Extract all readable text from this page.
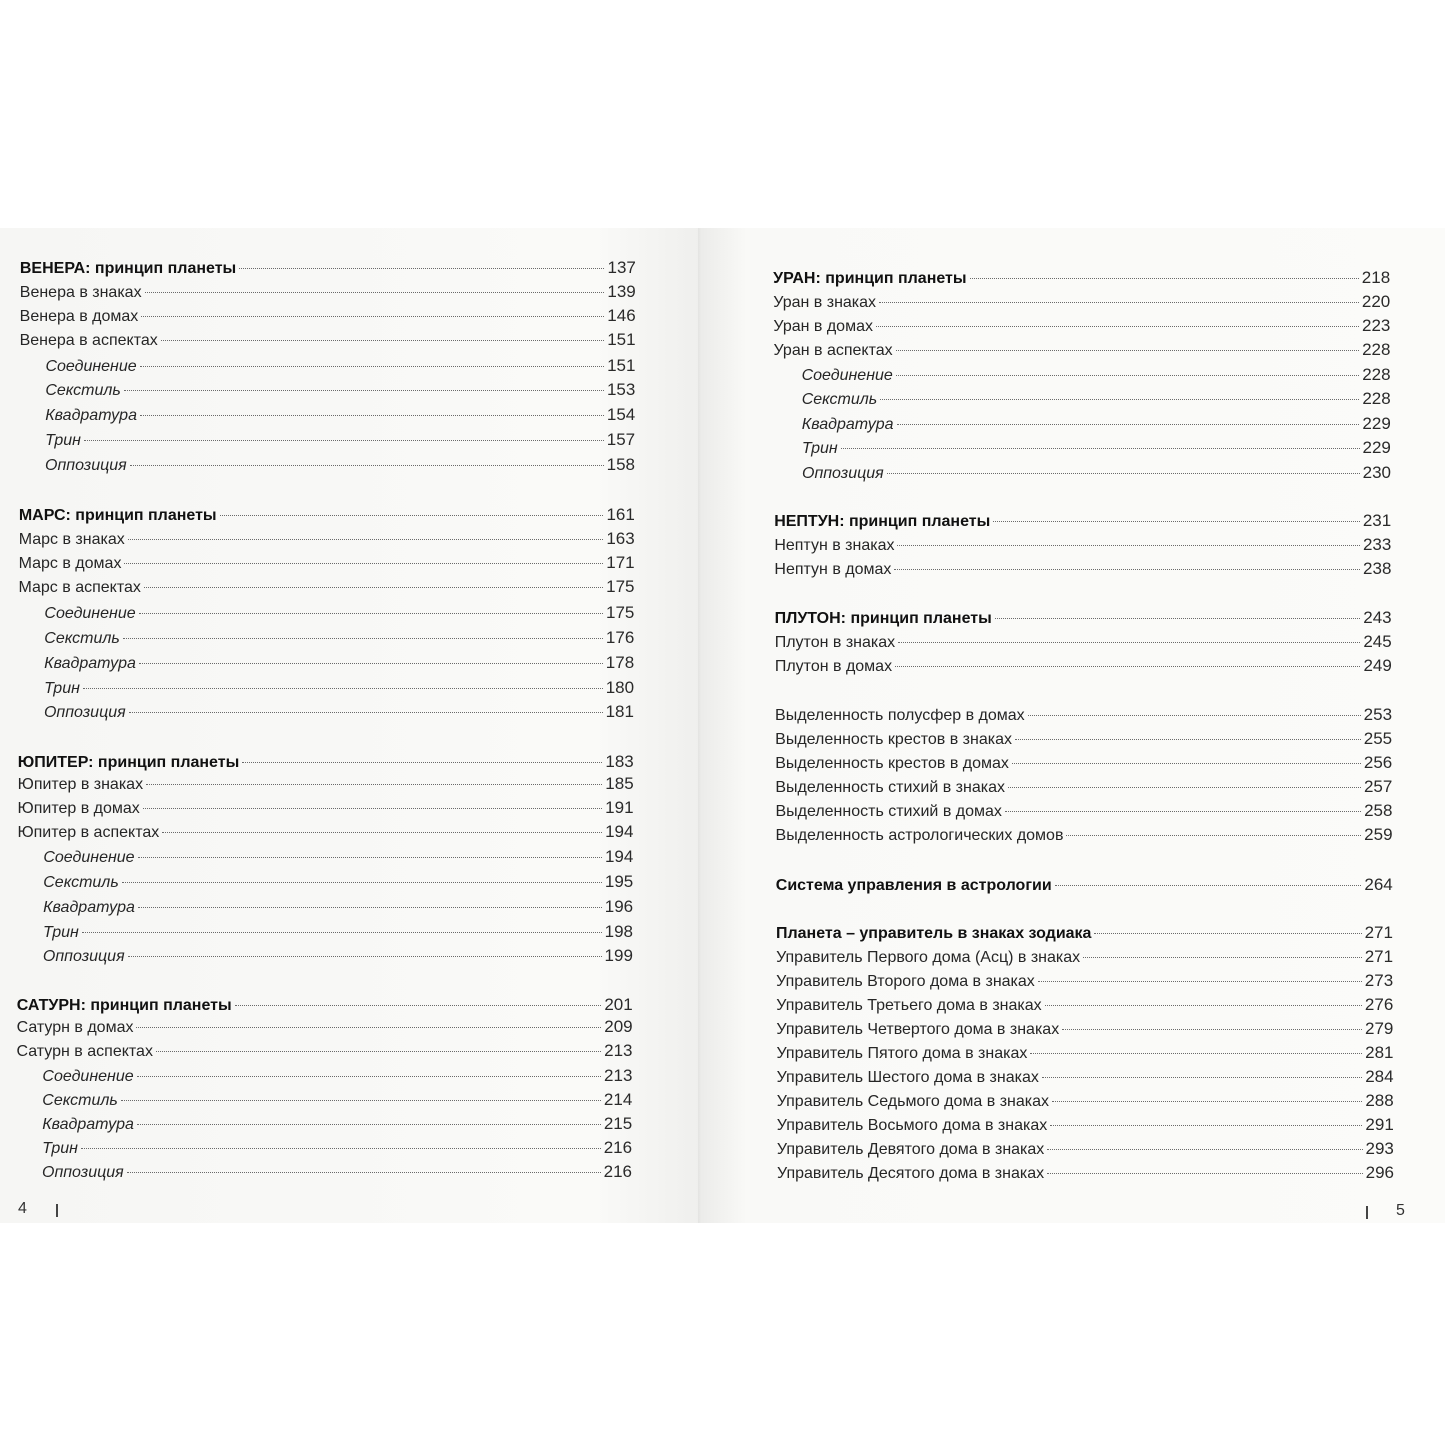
ВЕНЕРА: принцип планеты	137
Венера в знаках	139
Венера в домах	146
Венера в аспектах	151
Соединение	151
Секстиль	153
Квадратура	154
Трин	157
Оппозиция	158
МАРС: принцип планеты	161
Марс в знаках	163
Марс в домах	171
Марс в аспектах	175
Соединение	175
Секстиль	176
Квадратура	178
Трин	180
Оппозиция	181
ЮПИТЕР: принцип планеты	183
Юпитер в знаках	185
Юпитер в домах	191
Юпитер в аспектах	194
Соединение	194
Секстиль	195
Квадратура	196
Трин	198
Оппозиция	199
САТУРН: принцип планеты	201
Сатурн в домах	209
Сатурн в аспектах	213
Соединение	213
Секстиль	214
Квадратура	215
Трин	216
Оппозиция	216
4
УРАН: принцип планеты	218
Уран в знаках	220
Уран в домах	223
Уран в аспектах	228
Соединение	228
Секстиль	228
Квадратура	229
Трин	229
Оппозиция	230
НЕПТУН: принцип планеты	231
Нептун в знаках	233
Нептун в домах	238
ПЛУТОН: принцип планеты	243
Плутон в знаках	245
Плутон в домах	249
Выделенность полусфер в домах	253
Выделенность крестов в знаках	255
Выделенность крестов в домах	256
Выделенность стихий в знаках	257
Выделенность стихий в домах	258
Выделенность астрологических домов	259
Система управления в астрологии	264
Планета – управитель в знаках зодиака	271
Управитель Первого дома (Асц) в знаках	271
Управитель Второго дома в знаках	273
Управитель Третьего дома в знаках	276
Управитель Четвертого дома в знаках	279
Управитель Пятого дома в знаках	281
Управитель Шестого дома в знаках	284
Управитель Седьмого дома в знаках	288
Управитель Восьмого дома в знаках	291
Управитель Девятого дома в знаках	293
Управитель Десятого дома в знаках	296
5
